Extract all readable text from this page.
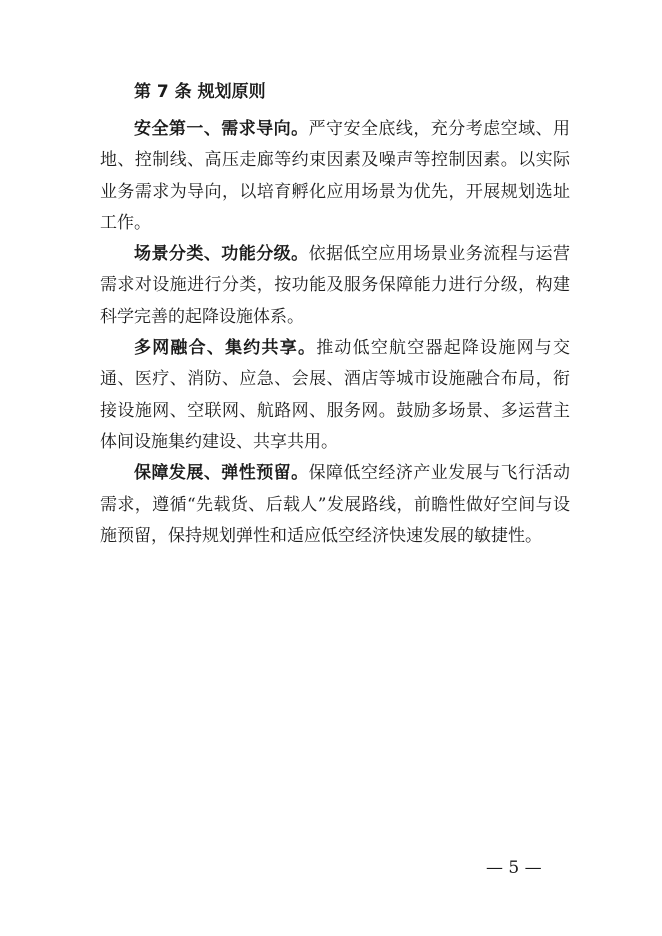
第 7 条 规划原则

安全第一、需求导向。严守安全底线，充分考虑空域、用地、控制线、高压走廊等约束因素及噪声等控制因素。以实际业务需求为导向，以培育孵化应用场景为优先，开展规划选址工作。

场景分类、功能分级。依据低空应用场景业务流程与运营需求对设施进行分类，按功能及服务保障能力进行分级，构建科学完善的起降设施体系。

多网融合、集约共享。推动低空航空器起降设施网与交通、医疗、消防、应急、会展、酒店等城市设施融合布局，衔接设施网、空联网、航路网、服务网。鼓励多场景、多运营主体间设施集约建设、共享共用。

保障发展、弹性预留。保障低空经济产业发展与飞行活动需求，遵循“先载货、后载人”发展路线，前瞻性做好空间与设施预留，保持规划弹性和适应低空经济快速发展的敏捷性。

— 5 —
